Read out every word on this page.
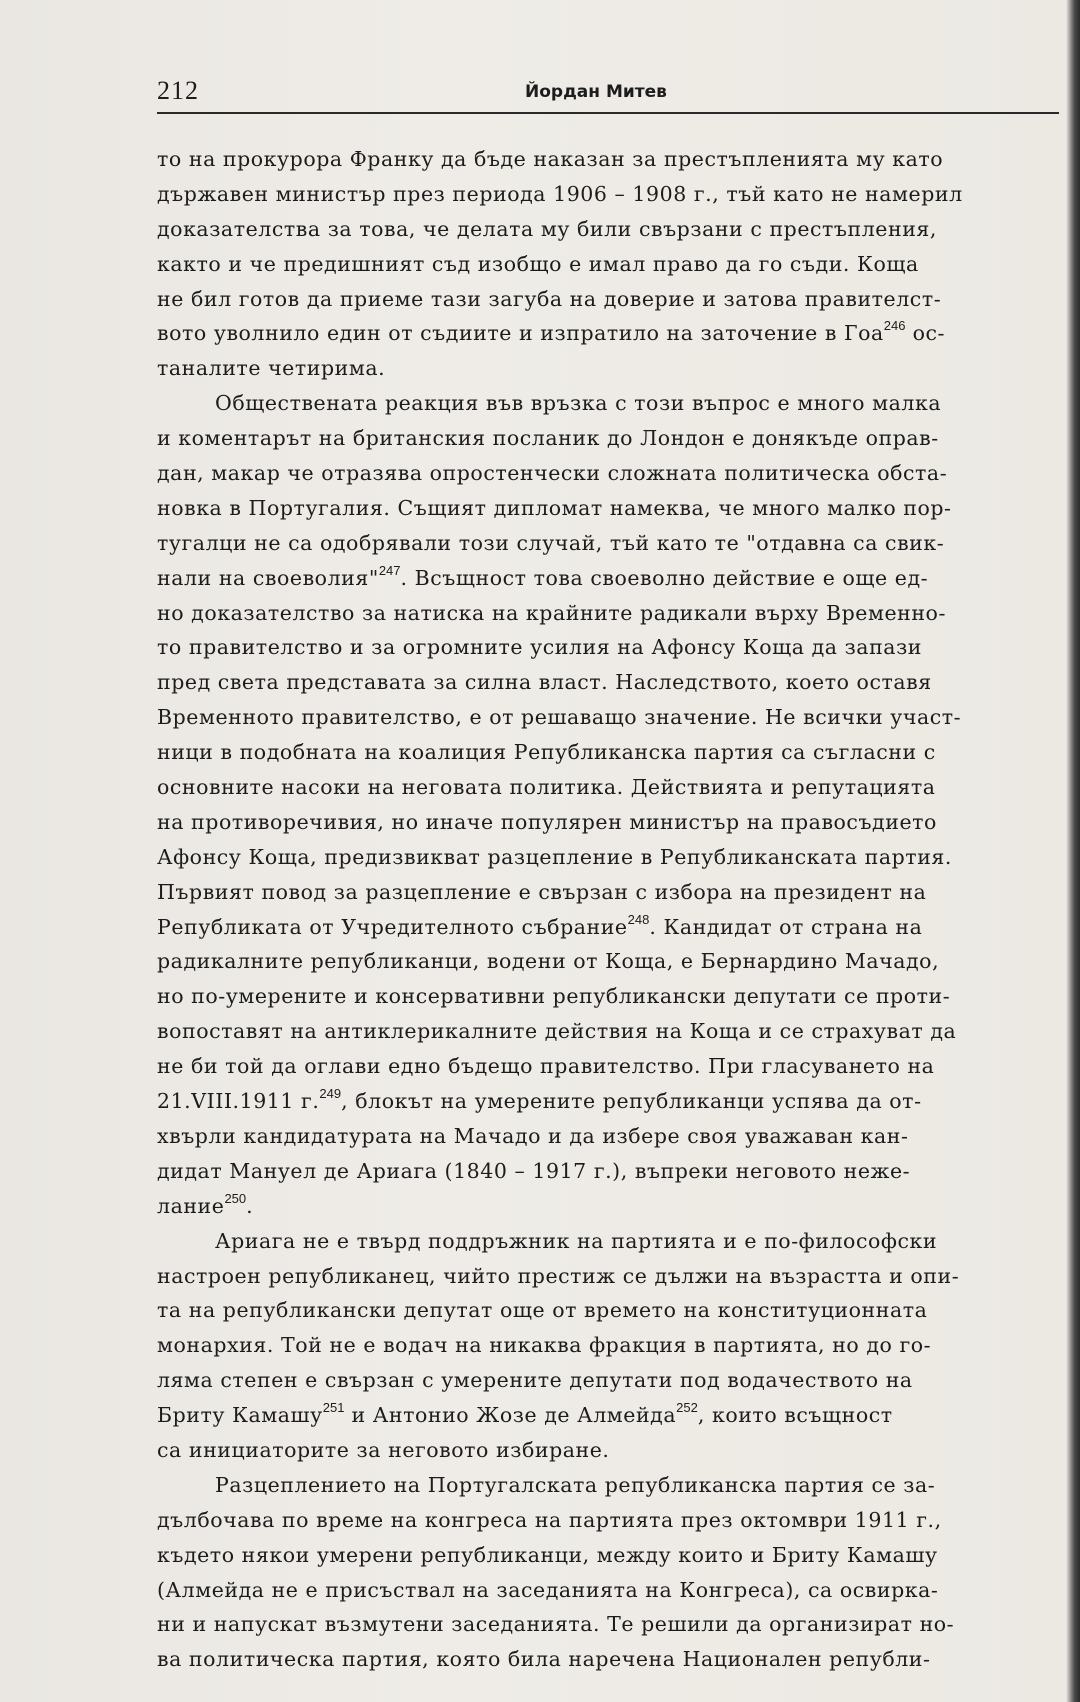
212	Йордан Митев
то на прокурора Франку да бъде наказан за престъпленията му като
държавен министър през периода 1906 – 1908 г., тъй като не намерил
доказателства за това, че делата му били свързани с престъпления,
както и че предишният съд изобщо е имал право да го съди. Коща
не бил готов да приеме тази загуба на доверие и затова правителст-
вото уволнило един от съдиите и изпратило на заточение в Гоа$^{246}$ ос-
таналите четирима.
Обществената реакция във връзка с този въпрос е много малка
и коментарът на британския посланик до Лондон е донякъде оправ-
дан, макар че отразява опростенчески сложната политическа обста-
новка в Португалия. Същият дипломат намеква, че много малко пор-
тугалци не са одобрявали този случай, тъй като те "отдавна са свик-
нали на своеволия"$^{247}$. Всъщност това своеволно действие е още ед-
но доказателство за натиска на крайните радикали върху Временно-
то правителство и за огромните усилия на Афонсу Коща да запази
пред света представата за силна власт. Наследството, което оставя
Временното правителство, е от решаващо значение. Не всички участ-
ници в подобната на коалиция Републиканска партия са съгласни с
основните насоки на неговата политика. Действията и репутацията
на противоречивия, но иначе популярен министър на правосъдието
Афонсу Коща, предизвикват разцепление в Републиканската партия.
Първият повод за разцепление е свързан с избора на президент на
Републиката от Учредителното събрание$^{248}$. Кандидат от страна на
радикалните републиканци, водени от Коща, е Бернардино Мачадо,
но по-умерените и консервативни републикански депутати се проти-
вопоставят на антиклерикалните действия на Коща и се страхуват да
не би той да оглави едно бъдещо правителство. При гласуването на
21.VIII.1911 г.$^{249}$, блокът на умерените републиканци успява да от-
хвърли кандидатурата на Мачадо и да избере своя уважаван кан-
дидат Мануел де Ариага (1840 – 1917 г.), въпреки неговото неже-
лание$^{250}$.
Ариага не е твърд поддръжник на партията и е по-философски
настроен републиканец, чийто престиж се дължи на възрастта и опи-
та на републикански депутат още от времето на конституционната
монархия. Той не е водач на никаква фракция в партията, но до го-
ляма степен е свързан с умерените депутати под водачеството на
Бриту Камашу$^{251}$ и Антонио Жозе де Алмейда$^{252}$, които всъщност
са инициаторите за неговото избиране.
Разцеплението на Португалската републиканска партия се за-
дълбочава по време на конгреса на партията през октомври 1911 г.,
където някои умерени републиканци, между които и Бриту Камашу
(Алмейда не е присъствал на заседанията на Конгреса), са освирка-
ни и напускат възмутени заседанията. Те решили да организират но-
ва политическа партия, която била наречена Национален републи-
